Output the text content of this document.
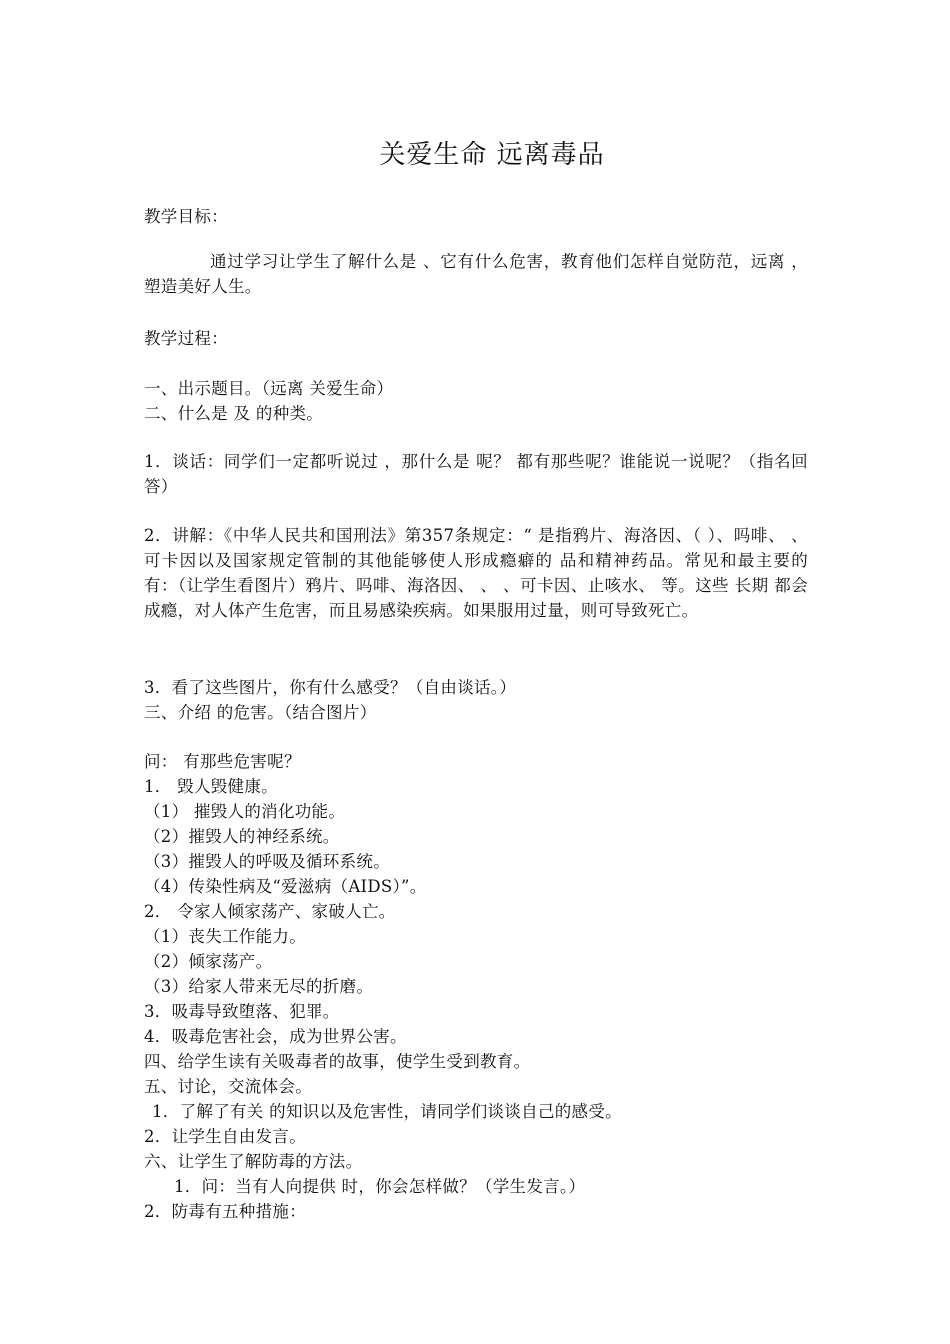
关爱生命 远离毒品
教学目标：
通过学习让学生了解什么是 、它有什么危害，教育他们怎样自觉防范，远离 ，塑造美好人生。
教学过程：
一、出示题目。（远离 关爱生命）
二、什么是 及 的种类。
1．谈话：同学们一定都听说过 ，那什么是 呢？ 都有那些呢？谁能说一说呢？（指名回答）
2．讲解：《中华人民共和国刑法》第357条规定：“ 是指鸦片、海洛因、（ ）、吗啡、 、可卡因以及国家规定管制的其他能够使人形成瘾癖的 品和精神药品。常见和最主要的 有：（让学生看图片）鸦片、吗啡、海洛因、 、 、可卡因、止咳水、 等。这些 长期 都会成瘾，对人体产生危害，而且易感染疾病。如果服用过量，则可导致死亡。
3．看了这些图片，你有什么感受？（自由谈话。）
三、介绍 的危害。（结合图片）
问： 有那些危害呢？
1． 毁人毁健康。
（1） 摧毁人的消化功能。
（2）摧毁人的神经系统。
（3）摧毁人的呼吸及循环系统。
（4）传染性病及“爱滋病（AIDS）”。
2． 令家人倾家荡产、家破人亡。
（1）丧失工作能力。
（2）倾家荡产。
（3）给家人带来无尽的折磨。
3．吸毒导致堕落、犯罪。
4．吸毒危害社会，成为世界公害。
四、给学生读有关吸毒者的故事，使学生受到教育。
五、讨论，交流体会。
1．了解了有关 的知识以及危害性，请同学们谈谈自己的感受。
2．让学生自由发言。
六、让学生了解防毒的方法。
1．问：当有人向提供 时，你会怎样做？（学生发言。）
2．防毒有五种措施：
